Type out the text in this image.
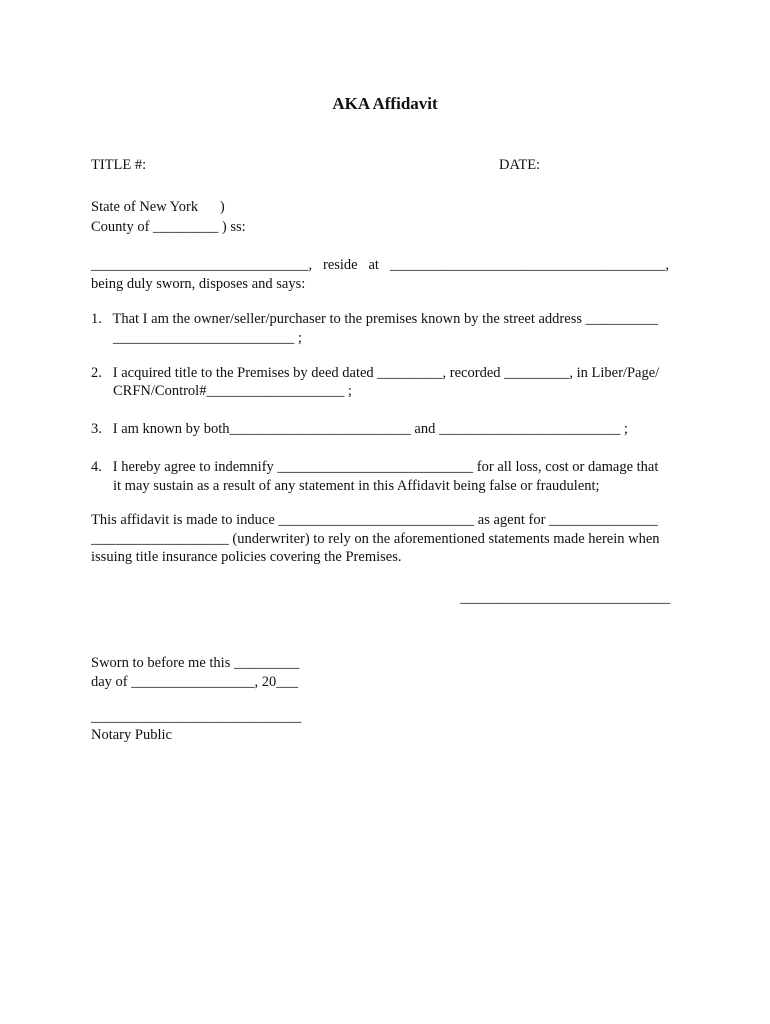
AKA Affidavit
TITLE #:	DATE:
State of New York      )
County of _________ ) ss:
______________________________,   reside   at   ______________________________________,
being duly sworn, disposes and says:
1.   That I am the owner/seller/purchaser to the premises known by the street address __________
_________________________ ;
2.   I acquired title to the Premises by deed dated _________, recorded _________, in Liber/Page/
CRFN/Control#___________________ ;
3.   I am known by both_________________________ and _________________________ ;
4.   I hereby agree to indemnify ___________________________ for all loss, cost or damage that
it may sustain as a result of any statement in this Affidavit being false or fraudulent;
This affidavit is made to induce ___________________________ as agent for _______________
___________________ (underwriter) to rely on the aforementioned statements made herein when
issuing title insurance policies covering the Premises.
_____________________________
Sworn to before me this _________
day of _________________, 20___
_____________________________
Notary Public
